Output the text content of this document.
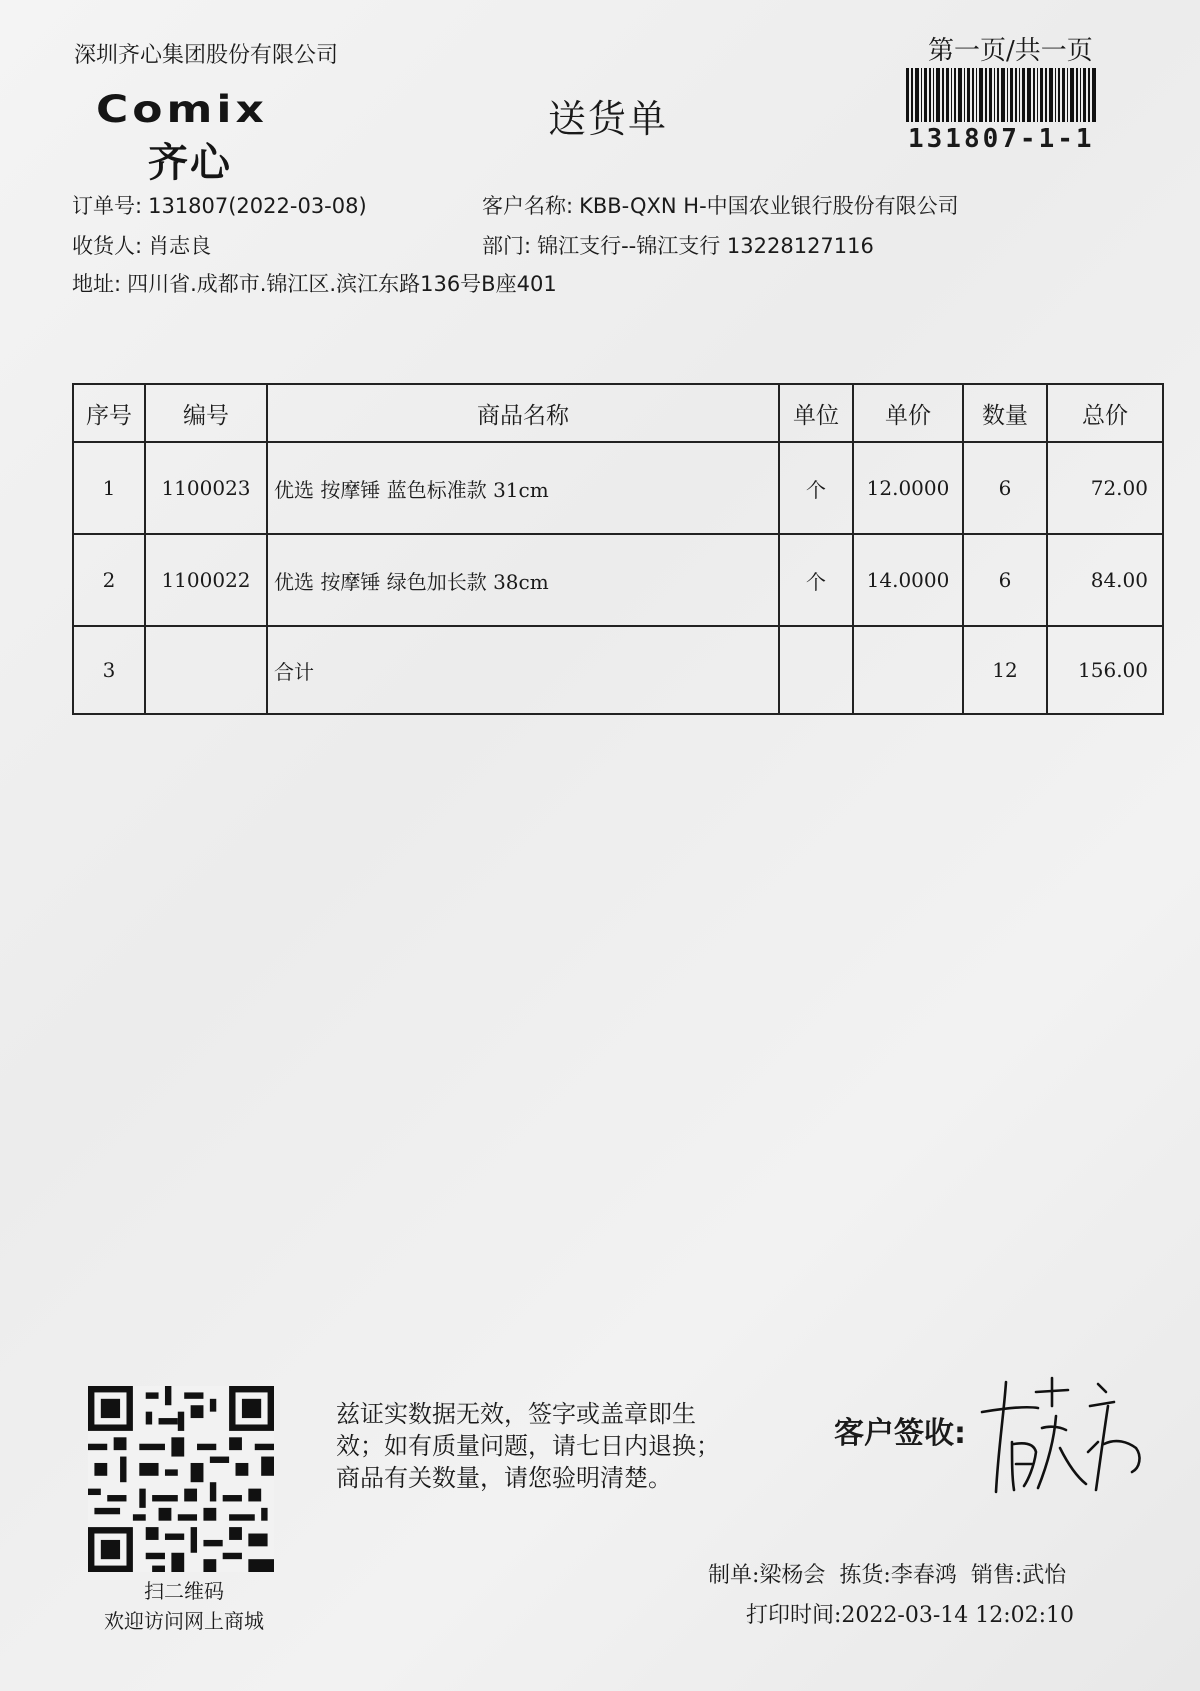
深圳齐心集团股份有限公司	第一页/共一页
131807-1-1
Comix
齐心
送货单
订单号: 131807(2022-03-08)	客户名称: KBB-QXN H-中国农业银行股份有限公司
收货人: 肖志良	部门: 锦江支行--锦江支行 13228127116
地址: 四川省.成都市.锦江区.滨江东路136号B座401
序号	编号	商品名称	单位	单价	数量	总价
1	1100023	优选 按摩锤 蓝色标准款 31cm	个	12.0000	6	72.00
2	1100022	优选 按摩锤 绿色加长款 38cm	个	14.0000	6	84.00
3		合计			12	156.00
扫二维码
欢迎访问网上商城
兹证实数据无效，签字或盖章即生
效；如有质量问题，请七日内退换；
商品有关数量，请您验明清楚。
客户签收:
制单:梁杨会 拣货:李春鸿 销售:武怡
打印时间:2022-03-14 12:02:10
